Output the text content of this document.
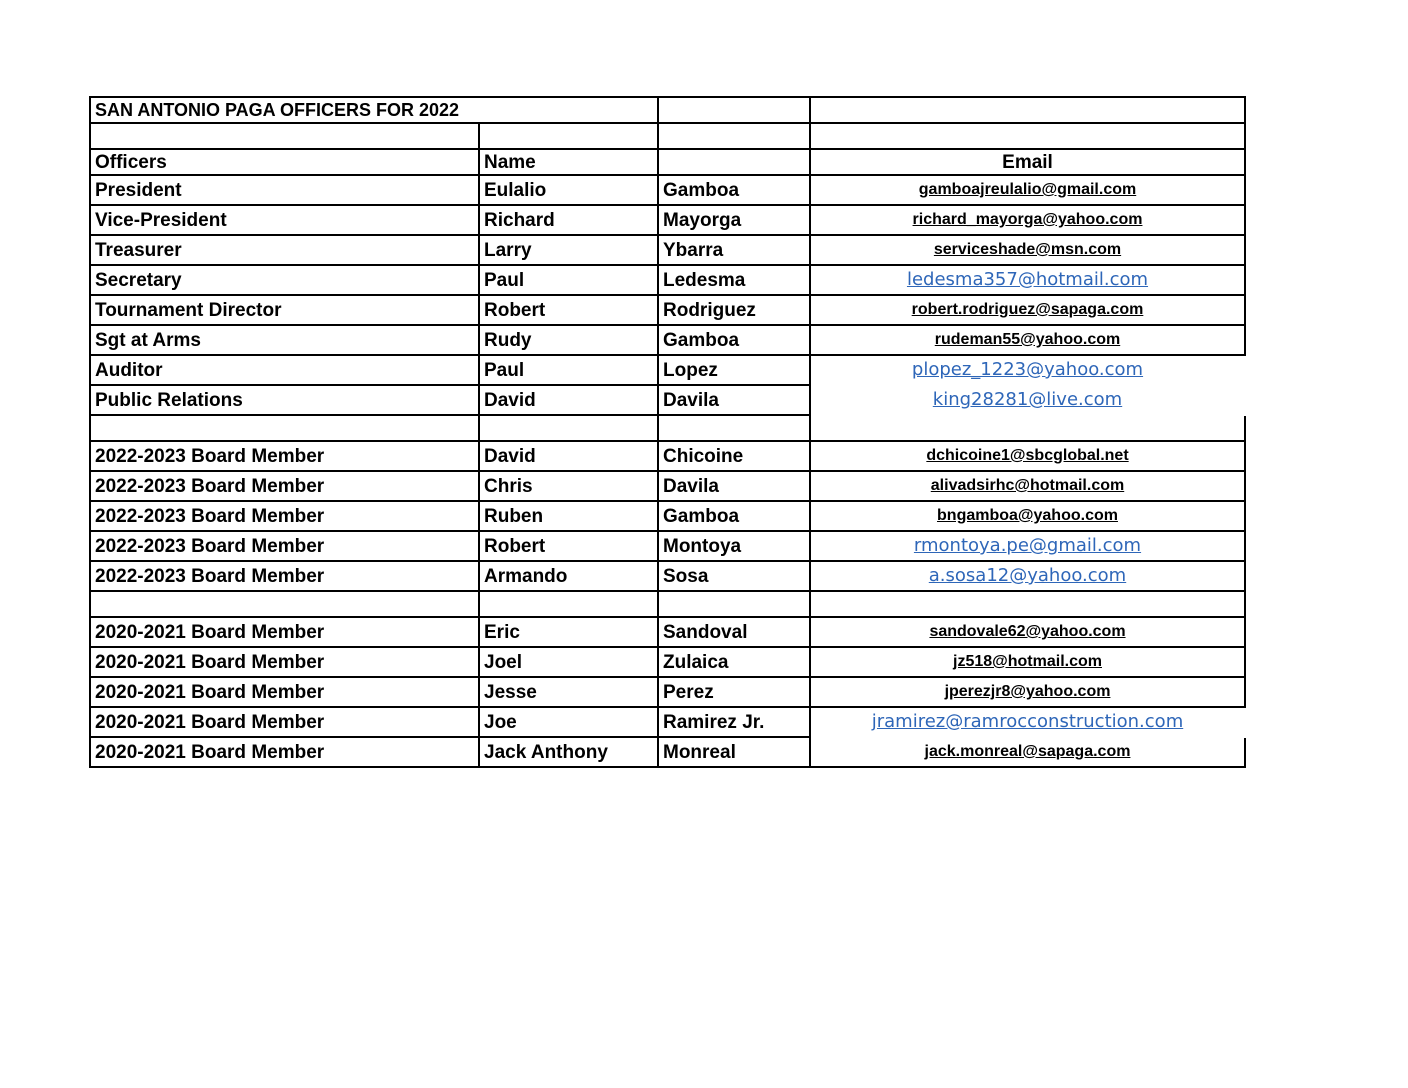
SAN ANTONIO PAGA OFFICERS FOR 2022			

Officers	Name		Email
President	Eulalio	Gamboa	gamboajreulalio@gmail.com
Vice-President	Richard	Mayorga	richard_mayorga@yahoo.com
Treasurer	Larry	Ybarra	serviceshade@msn.com
Secretary	Paul	Ledesma	ledesma357@hotmail.com
Tournament Director	Robert	Rodriguez	robert.rodriguez@sapaga.com
Sgt at Arms	Rudy	Gamboa	rudeman55@yahoo.com
Auditor	Paul	Lopez	plopez_1223@yahoo.com
Public Relations	David	Davila	king28281@live.com

2022-2023 Board Member	David	Chicoine	dchicoine1@sbcglobal.net
2022-2023 Board Member	Chris	Davila	alivadsirhc@hotmail.com
2022-2023 Board Member	Ruben	Gamboa	bngamboa@yahoo.com
2022-2023 Board Member	Robert	Montoya	rmontoya.pe@gmail.com
2022-2023 Board Member	Armando	Sosa	a.sosa12@yahoo.com

2020-2021 Board Member	Eric	Sandoval	sandovale62@yahoo.com
2020-2021 Board Member	Joel	Zulaica	jz518@hotmail.com
2020-2021 Board Member	Jesse	Perez	jperezjr8@yahoo.com
2020-2021 Board Member	Joe	Ramirez Jr.	jramirez@ramrocconstruction.com
2020-2021 Board Member	Jack Anthony	Monreal	jack.monreal@sapaga.com
